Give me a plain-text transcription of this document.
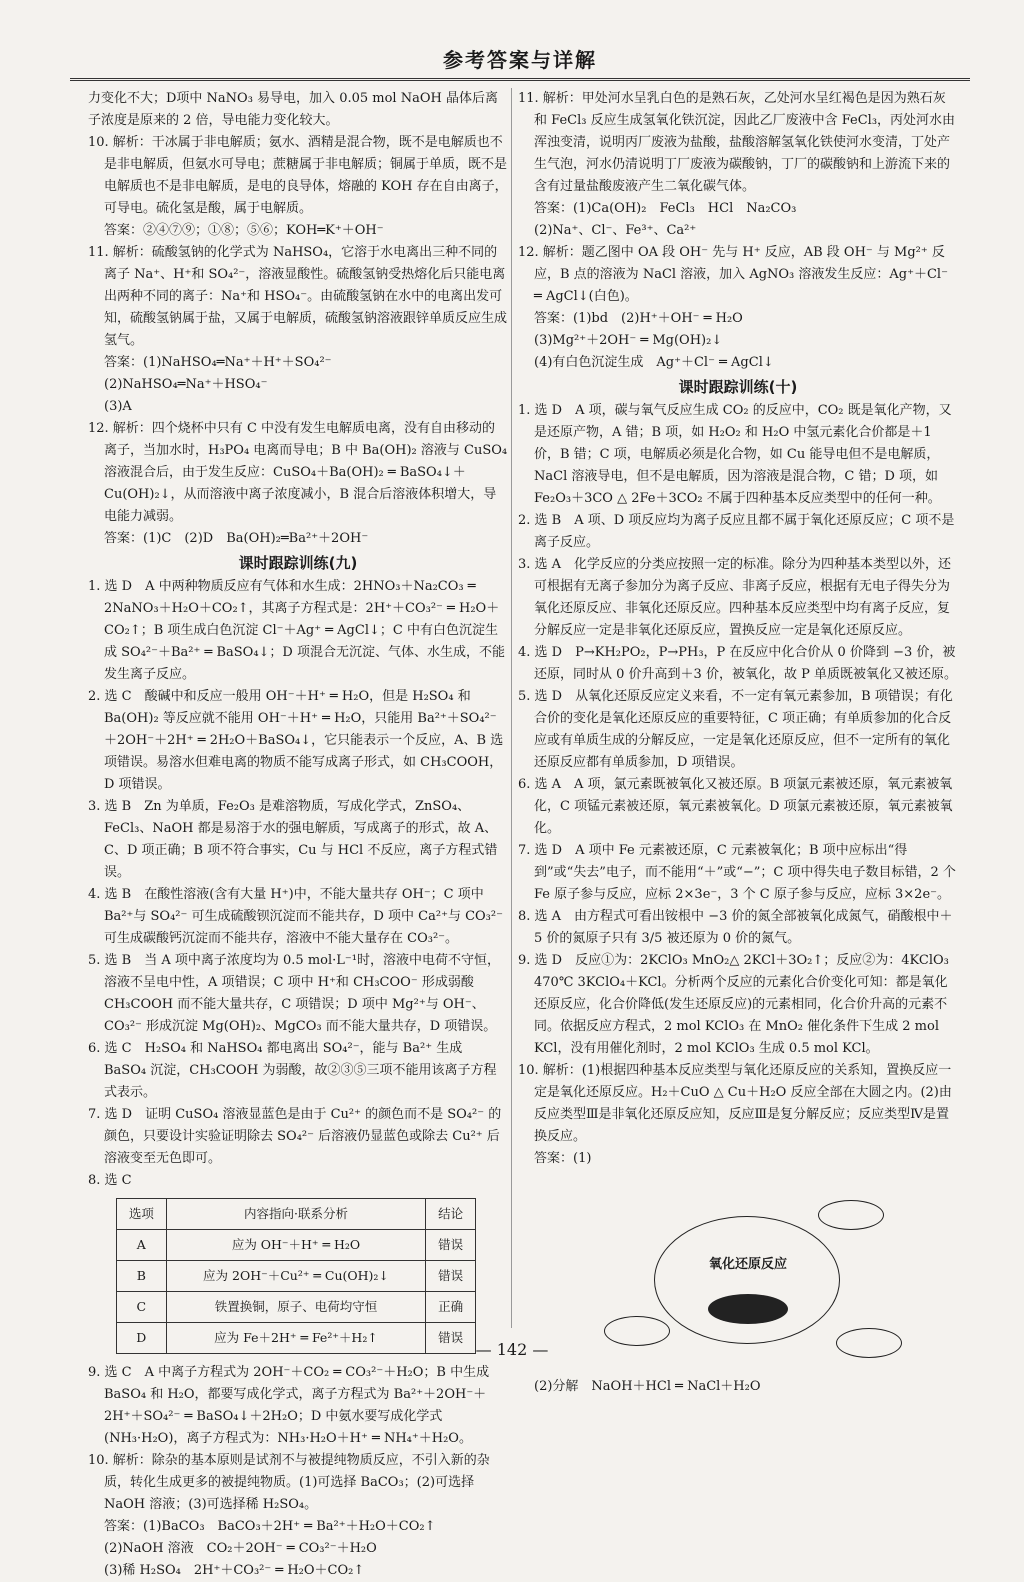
参考答案与详解

力变化不大；D项中 NaNO₃ 易导电，加入 0.05 mol NaOH 晶体后离子浓度是原来的 2 倍，导电能力变化较大。

10. 解析：干冰属于非电解质；氨水、酒精是混合物，既不是电解质也不是非电解质，但氨水可导电；蔗糖属于非电解质；铜属于单质，既不是电解质也不是非电解质，是电的良导体，熔融的 KOH 存在自由离子，可导电。硫化氢是酸，属于电解质。

答案：②④⑦⑨；①⑧；⑤⑥；KOH═K⁺＋OH⁻

11. 解析：硫酸氢钠的化学式为 NaHSO₄，它溶于水电离出三种不同的离子 Na⁺、H⁺和 SO₄²⁻，溶液显酸性。硫酸氢钠受热熔化后只能电离出两种不同的离子：Na⁺和 HSO₄⁻。由硫酸氢钠在水中的电离出发可知，硫酸氢钠属于盐，又属于电解质，硫酸氢钠溶液跟锌单质反应生成氢气。

答案：(1)NaHSO₄═Na⁺＋H⁺＋SO₄²⁻

(2)NaHSO₄═Na⁺＋HSO₄⁻

(3)A

12. 解析：四个烧杯中只有 C 中没有发生电解质电离，没有自由移动的离子，当加水时，H₃PO₄ 电离而导电；B 中 Ba(OH)₂ 溶液与 CuSO₄ 溶液混合后，由于发生反应：CuSO₄＋Ba(OH)₂ ═ BaSO₄↓＋Cu(OH)₂↓，从而溶液中离子浓度减小，B 混合后溶液体积增大，导电能力减弱。

答案：(1)C　(2)D　Ba(OH)₂═Ba²⁺＋2OH⁻

课时跟踪训练(九)

1. 选 D　A 中两种物质反应有气体和水生成：2HNO₃＋Na₂CO₃ ═ 2NaNO₃＋H₂O＋CO₂↑，其离子方程式是：2H⁺＋CO₃²⁻ ═ H₂O＋CO₂↑；B 项生成白色沉淀 Cl⁻＋Ag⁺ ═ AgCl↓；C 中有白色沉淀生成 SO₄²⁻＋Ba²⁺ ═ BaSO₄↓；D 项混合无沉淀、气体、水生成，不能发生离子反应。

2. 选 C　酸碱中和反应一般用 OH⁻＋H⁺ ═ H₂O，但是 H₂SO₄ 和 Ba(OH)₂ 等反应就不能用 OH⁻＋H⁺ ═ H₂O，只能用 Ba²⁺＋SO₄²⁻＋2OH⁻＋2H⁺ ═ 2H₂O＋BaSO₄↓，它只能表示一个反应，A、B 选项错误。易溶水但难电离的物质不能写成离子形式，如 CH₃COOH，D 项错误。

3. 选 B　Zn 为单质，Fe₂O₃ 是难溶物质，写成化学式，ZnSO₄、FeCl₃、NaOH 都是易溶于水的强电解质，写成离子的形式，故 A、C、D 项正确；B 项不符合事实，Cu 与 HCl 不反应，离子方程式错误。

4. 选 B　在酸性溶液(含有大量 H⁺)中，不能大量共存 OH⁻；C 项中 Ba²⁺与 SO₄²⁻ 可生成硫酸钡沉淀而不能共存，D 项中 Ca²⁺与 CO₃²⁻ 可生成碳酸钙沉淀而不能共存，溶液中不能大量存在 CO₃²⁻。

5. 选 B　当 A 项中离子浓度均为 0.5 mol·L⁻¹时，溶液中电荷不守恒，溶液不呈电中性，A 项错误；C 项中 H⁺和 CH₃COO⁻ 形成弱酸 CH₃COOH 而不能大量共存，C 项错误；D 项中 Mg²⁺与 OH⁻、CO₃²⁻ 形成沉淀 Mg(OH)₂、MgCO₃ 而不能大量共存，D 项错误。

6. 选 C　H₂SO₄ 和 NaHSO₄ 都电离出 SO₄²⁻，能与 Ba²⁺ 生成 BaSO₄ 沉淀，CH₃COOH 为弱酸，故②③⑤三项不能用该离子方程式表示。

7. 选 D　证明 CuSO₄ 溶液显蓝色是由于 Cu²⁺ 的颜色而不是 SO₄²⁻ 的颜色，只要设计实验证明除去 SO₄²⁻ 后溶液仍显蓝色或除去 Cu²⁺ 后溶液变至无色即可。

8. 选 C

选项	内容指向·联系分析	结论
A	应为 OH⁻＋H⁺ ═ H₂O	错误
B	应为 2OH⁻＋Cu²⁺ ═ Cu(OH)₂↓	错误
C	铁置换铜，原子、电荷均守恒	正确
D	应为 Fe＋2H⁺ ═ Fe²⁺＋H₂↑	错误

9. 选 C　A 中离子方程式为 2OH⁻＋CO₂ ═ CO₃²⁻＋H₂O；B 中生成 BaSO₄ 和 H₂O，都要写成化学式，离子方程式为 Ba²⁺＋2OH⁻＋2H⁺＋SO₄²⁻ ═ BaSO₄↓＋2H₂O；D 中氨水要写成化学式(NH₃·H₂O)，离子方程式为：NH₃·H₂O＋H⁺ ═ NH₄⁺＋H₂O。

10. 解析：除杂的基本原则是试剂不与被提纯物质反应，不引入新的杂质，转化生成更多的被提纯物质。(1)可选择 BaCO₃；(2)可选择 NaOH 溶液；(3)可选择稀 H₂SO₄。

答案：(1)BaCO₃　BaCO₃＋2H⁺ ═ Ba²⁺＋H₂O＋CO₂↑

(2)NaOH 溶液　CO₂＋2OH⁻ ═ CO₃²⁻＋H₂O

(3)稀 H₂SO₄　2H⁺＋CO₃²⁻ ═ H₂O＋CO₂↑

11. 解析：甲处河水呈乳白色的是熟石灰，乙处河水呈红褐色是因为熟石灰和 FeCl₃ 反应生成氢氧化铁沉淀，因此乙厂废液中含 FeCl₃，丙处河水由浑浊变清，说明丙厂废液为盐酸，盐酸溶解氢氧化铁使河水变清，丁处产生气泡，河水仍清说明丁厂废液为碳酸钠，丁厂的碳酸钠和上游流下来的含有过量盐酸废液产生二氧化碳气体。

答案：(1)Ca(OH)₂　FeCl₃　HCl　Na₂CO₃

(2)Na⁺、Cl⁻、Fe³⁺、Ca²⁺

12. 解析：题乙图中 OA 段 OH⁻ 先与 H⁺ 反应，AB 段 OH⁻ 与 Mg²⁺ 反应，B 点的溶液为 NaCl 溶液，加入 AgNO₃ 溶液发生反应：Ag⁺＋Cl⁻ ═ AgCl↓(白色)。

答案：(1)bd　(2)H⁺＋OH⁻ ═ H₂O

(3)Mg²⁺＋2OH⁻ ═ Mg(OH)₂↓

(4)有白色沉淀生成　Ag⁺＋Cl⁻ ═ AgCl↓

课时跟踪训练(十)

1. 选 D　A 项，碳与氧气反应生成 CO₂ 的反应中，CO₂ 既是氧化产物，又是还原产物，A 错；B 项，如 H₂O₂ 和 H₂O 中氢元素化合价都是＋1 价，B 错；C 项，电解质必须是化合物，如 Cu 能导电但不是电解质，NaCl 溶液导电，但不是电解质，因为溶液是混合物，C 错；D 项，如 Fe₂O₃＋3CO △ 2Fe＋3CO₂ 不属于四种基本反应类型中的任何一种。

2. 选 B　A 项、D 项反应均为离子反应且都不属于氧化还原反应；C 项不是离子反应。

3. 选 A　化学反应的分类应按照一定的标准。除分为四种基本类型以外，还可根据有无离子参加分为离子反应、非离子反应，根据有无电子得失分为氧化还原反应、非氧化还原反应。四种基本反应类型中均有离子反应，复分解反应一定是非氧化还原反应，置换反应一定是氧化还原反应。

4. 选 D　P→KH₂PO₂，P→PH₃，P 在反应中化合价从 0 价降到 −3 价，被还原，同时从 0 价升高到＋3 价，被氧化，故 P 单质既被氧化又被还原。

5. 选 D　从氧化还原反应定义来看，不一定有氧元素参加，B 项错误；有化合价的变化是氧化还原反应的重要特征，C 项正确；有单质参加的化合反应或有单质生成的分解反应，一定是氧化还原反应，但不一定所有的氧化还原反应都有单质参加，D 项错误。

6. 选 A　A 项，氯元素既被氧化又被还原。B 项氯元素被还原，氧元素被氧化，C 项锰元素被还原，氧元素被氧化。D 项氯元素被还原，氧元素被氧化。

7. 选 D　A 项中 Fe 元素被还原，C 元素被氧化；B 项中应标出“得到”或“失去”电子，而不能用“＋”或“−”；C 项中得失电子数目标错，2 个 Fe 原子参与反应，应标 2×3e⁻，3 个 C 原子参与反应，应标 3×2e⁻。

8. 选 A　由方程式可看出铵根中 −3 价的氮全部被氧化成氮气，硝酸根中＋5 价的氮原子只有 3/5 被还原为 0 价的氮气。

9. 选 D　反应①为：2KClO₃ MnO₂△ 2KCl＋3O₂↑；反应②为：4KClO₃ 470℃ 3KClO₄＋KCl。分析两个反应的元素化合价变化可知：都是氧化还原反应，化合价降低(发生还原反应)的元素相同，化合价升高的元素不同。依据反应方程式，2 mol KClO₃ 在 MnO₂ 催化条件下生成 2 mol KCl，没有用催化剂时，2 mol KClO₃ 生成 0.5 mol KCl。

10. 解析：(1)根据四种基本反应类型与氧化还原反应的关系知，置换反应一定是氧化还原反应。H₂＋CuO △ Cu＋H₂O 反应全部在大圆之内。(2)由反应类型Ⅲ是非氧化还原反应知，反应Ⅲ是复分解反应；反应类型Ⅳ是置换反应。

答案：(1)

氧化还原反应

(2)分解　NaOH＋HCl ═ NaCl＋H₂O

— 142 —
